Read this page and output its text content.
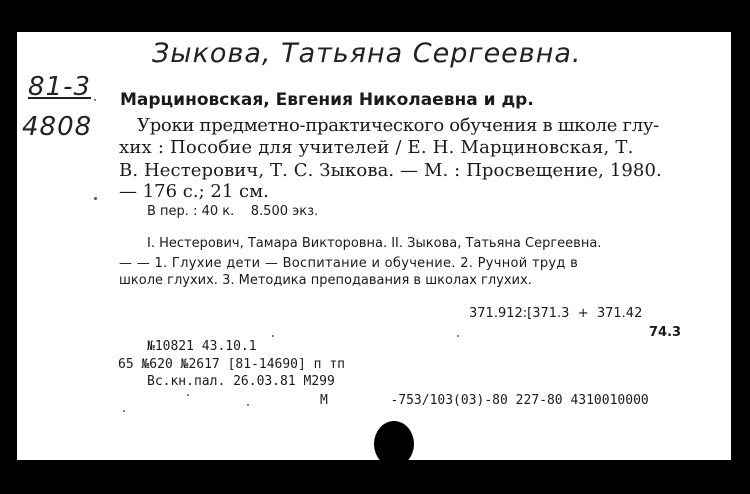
Зыкова, Татьяна Сергеевна.
81-3
4808
Марциновская, Евгения Николаевна и др.
Уроки предметно-практического обучения в школе глу-
хих : Пособие для учителей / Е. Н. Марциновская, Т.
В. Нестерович, Т. С. Зыкова. — М. : Просвещение, 1980.
— 176 с.; 21 см.
В пер. : 40 к.    8.500 экз.
I. Нестерович, Тамара Викторовна. II. Зыкова, Татьяна Сергеевна.
— — 1. Глухие дети — Воспитание и обучение. 2. Ручной труд в
школе глухих. 3. Методика преподавания в школах глухих.
371.912:[371.3  +  371.42
74.3
№10821 43.10.1
65 №620 №2617 [81-14690] п тп
Вс.кн.пал. 26.03.81 М299
М        -753/103(03)-80 227-80 4310010000
